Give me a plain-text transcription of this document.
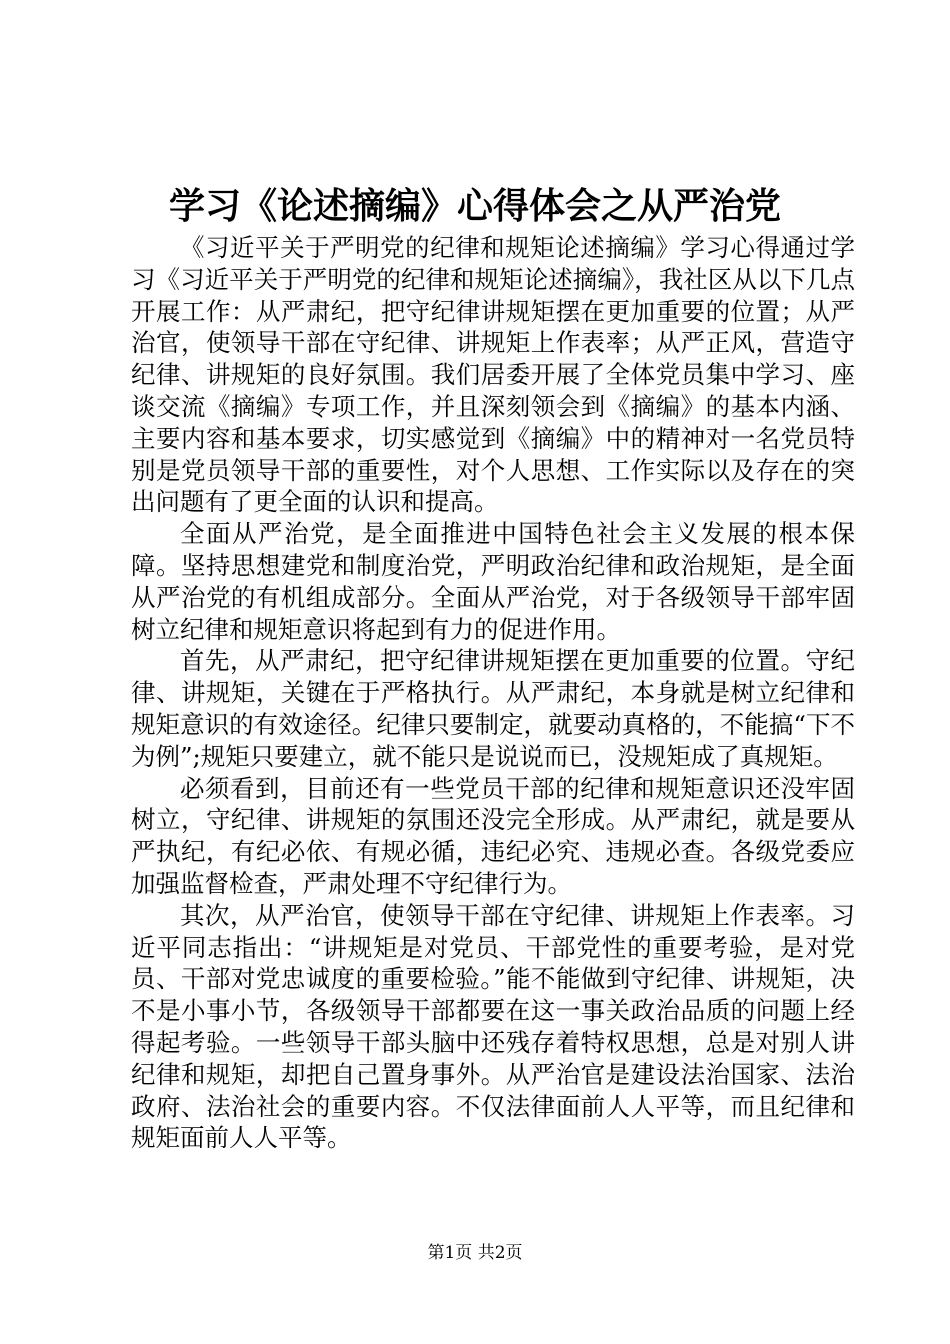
学习《论述摘编》心得体会之从严治党

《习近平关于严明党的纪律和规矩论述摘编》学习心得通过学习《习近平关于严明党的纪律和规矩论述摘编》，我社区从以下几点开展工作：从严肃纪，把守纪律讲规矩摆在更加重要的位置；从严治官，使领导干部在守纪律、讲规矩上作表率；从严正风，营造守纪律、讲规矩的良好氛围。我们居委开展了全体党员集中学习、座谈交流《摘编》专项工作，并且深刻领会到《摘编》的基本内涵、主要内容和基本要求，切实感觉到《摘编》中的精神对一名党员特别是党员领导干部的重要性，对个人思想、工作实际以及存在的突出问题有了更全面的认识和提高。

全面从严治党，是全面推进中国特色社会主义发展的根本保障。坚持思想建党和制度治党，严明政治纪律和政治规矩，是全面从严治党的有机组成部分。全面从严治党，对于各级领导干部牢固树立纪律和规矩意识将起到有力的促进作用。

首先，从严肃纪，把守纪律讲规矩摆在更加重要的位置。守纪律、讲规矩，关键在于严格执行。从严肃纪，本身就是树立纪律和规矩意识的有效途径。纪律只要制定，就要动真格的，不能搞“下不为例”;规矩只要建立，就不能只是说说而已，没规矩成了真规矩。

必须看到，目前还有一些党员干部的纪律和规矩意识还没牢固树立，守纪律、讲规矩的氛围还没完全形成。从严肃纪，就是要从严执纪，有纪必依、有规必循，违纪必究、违规必查。各级党委应加强监督检查，严肃处理不守纪律行为。

其次，从严治官，使领导干部在守纪律、讲规矩上作表率。习近平同志指出：“讲规矩是对党员、干部党性的重要考验，是对党员、干部对党忠诚度的重要检验。”能不能做到守纪律、讲规矩，决不是小事小节，各级领导干部都要在这一事关政治品质的问题上经得起考验。一些领导干部头脑中还残存着特权思想，总是对别人讲纪律和规矩，却把自己置身事外。从严治官是建设法治国家、法治政府、法治社会的重要内容。不仅法律面前人人平等，而且纪律和规矩面前人人平等。

第1页 共2页
